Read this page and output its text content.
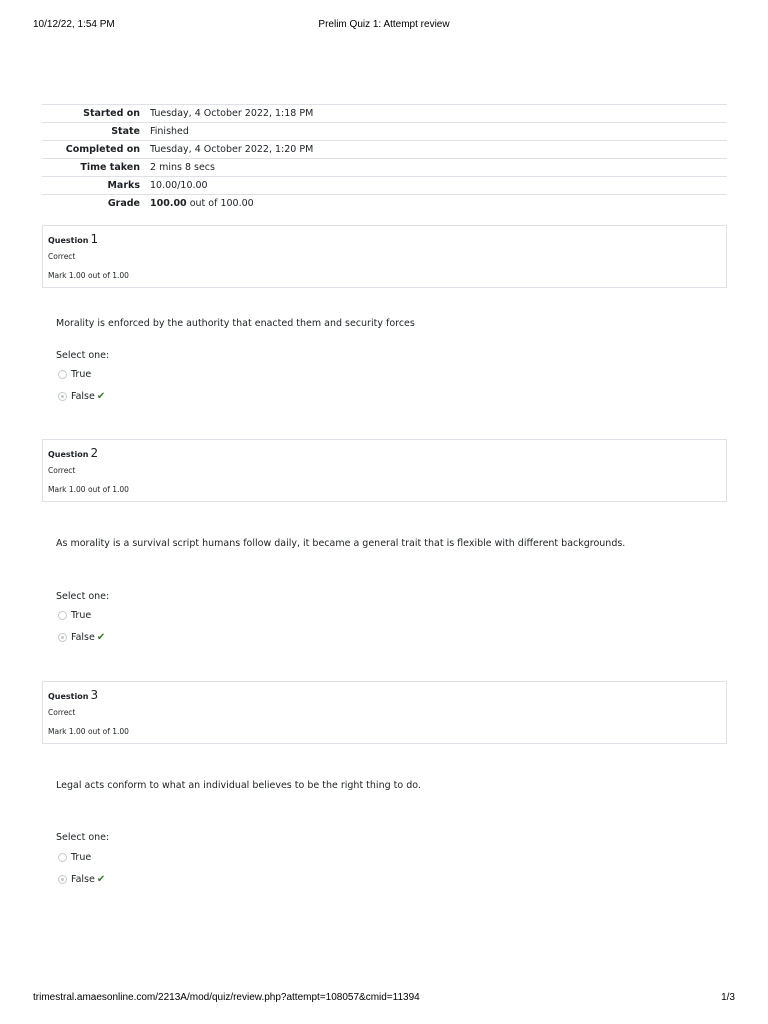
10/12/22, 1:54 PM	Prelim Quiz 1: Attempt review
Started on	Tuesday, 4 October 2022, 1:18 PM
State	Finished
Completed on	Tuesday, 4 October 2022, 1:20 PM
Time taken	2 mins 8 secs
Marks	10.00/10.00
Grade	100.00 out of 100.00
Question 1
Correct
Mark 1.00 out of 1.00
Morality is enforced by the authority that enacted them and security forces
Select one:
True
False ✔
Question 2
Correct
Mark 1.00 out of 1.00
As morality is a survival script humans follow daily, it became a general trait that is flexible with different backgrounds.
Select one:
True
False ✔
Question 3
Correct
Mark 1.00 out of 1.00
Legal acts conform to what an individual believes to be the right thing to do.
Select one:
True
False ✔
trimestral.amaesonline.com/2213A/mod/quiz/review.php?attempt=108057&cmid=11394	1/3
